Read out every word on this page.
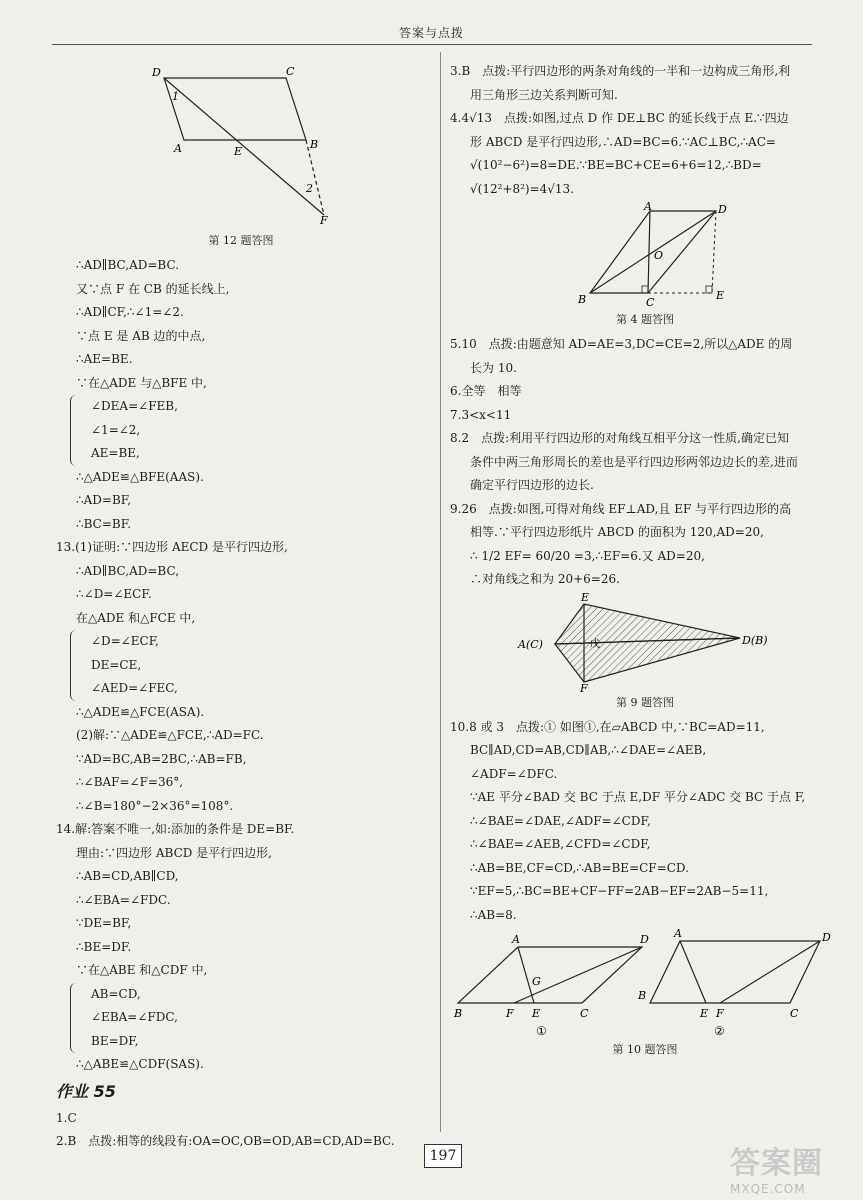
答案与点拨
D	C
A	E
B
F
1
2
第 12 题答图
∴AD∥BC,AD=BC.
又∵点 F 在 CB 的延长线上,
∴AD∥CF,∴∠1=∠2.
∵点 E 是 AB 边的中点,
∴AE=BE.
∵在△ADE 与△BFE 中,
∠DEA=∠FEB,
∠1=∠2,
AE=BE,
∴△ADE≌△BFE(AAS).
∴AD=BF,
∴BC=BF.
13.(1)证明:∵四边形 AECD 是平行四边形,
∴AD∥BC,AD=BC,
∴∠D=∠ECF.
在△ADE 和△FCE 中,
∠D=∠ECF,
DE=CE,
∠AED=∠FEC,
∴△ADE≌△FCE(ASA).
(2)解:∵△ADE≌△FCE,∴AD=FC.
∵AD=BC,AB=2BC,∴AB=FB,
∴∠BAF=∠F=36°,
∴∠B=180°−2×36°=108°.
14.解:答案不唯一,如:添加的条件是 DE=BF.
理由:∵四边形 ABCD 是平行四边形,
∴AB=CD,AB∥CD,
∴∠EBA=∠FDC.
∵DE=BF,
∴BE=DF.
∵在△ABE 和△CDF 中,
AB=CD,
∠EBA=∠FDC,
BE=DF,
∴△ABE≌△CDF(SAS).
作业 55
1.C
2.B　点拨:相等的线段有:OA=OC,OB=OD,AB=CD,AD=BC.
3.B　点拨:平行四边形的两条对角线的一半和一边构成三角形,利
用三角形三边关系判断可知.
4.4√13　点拨:如图,过点 D 作 DE⊥BC 的延长线于点 E.∵四边
形 ABCD 是平行四边形,∴AD=BC=6.∵AC⊥BC,∴AC=
√(10²−6²)=8=DE.∵BE=BC+CE=6+6=12,∴BD=
√(12²+8²)=4√13.
A	D
O
B	C
E
第 4 题答图
5.10　点拨:由题意知 AD=AE=3,DC=CE=2,所以△ADE 的周
长为 10.
6.全等　相等
7.3<x<11
8.2　点拨:利用平行四边形的对角线互相平分这一性质,确定已知
条件中两三角形周长的差也是平行四边形两邻边边长的差,进而
确定平行四边形的边长.
9.26　点拨:如图,可得对角线 EF⊥AD,且 EF 与平行四边形的高
相等.∵平行四边形纸片 ABCD 的面积为 120,AD=20,
∴ 1/2 EF= 60/20 =3,∴EF=6.又 AD=20,
∴对角线之和为 20+6=26.
E
A(C)	D(B)
F
戊
第 9 题答图
10.8 或 3　点拨:① 如图①,在▱ABCD 中,∵BC=AD=11,
BC∥AD,CD=AB,CD∥AB,∴∠DAE=∠AEB,
∠ADF=∠DFC.
∵AE 平分∠BAD 交 BC 于点 E,DF 平分∠ADC 交 BC 于点 F,
∴∠BAE=∠DAE,∠ADF=∠CDF,
∴∠BAE=∠AEB,∠CFD=∠CDF,
∴AB=BE,CF=CD,∴AB=BE=CF=CD.
∵EF=5,∴BC=BE+CF−FF=2AB−EF=2AB−5=11,
∴AB=8.
A	D
G
B	F E	C
①
A	D
B
E F	C
②
第 10 题答图
197	答案圈
MXQE.COM
